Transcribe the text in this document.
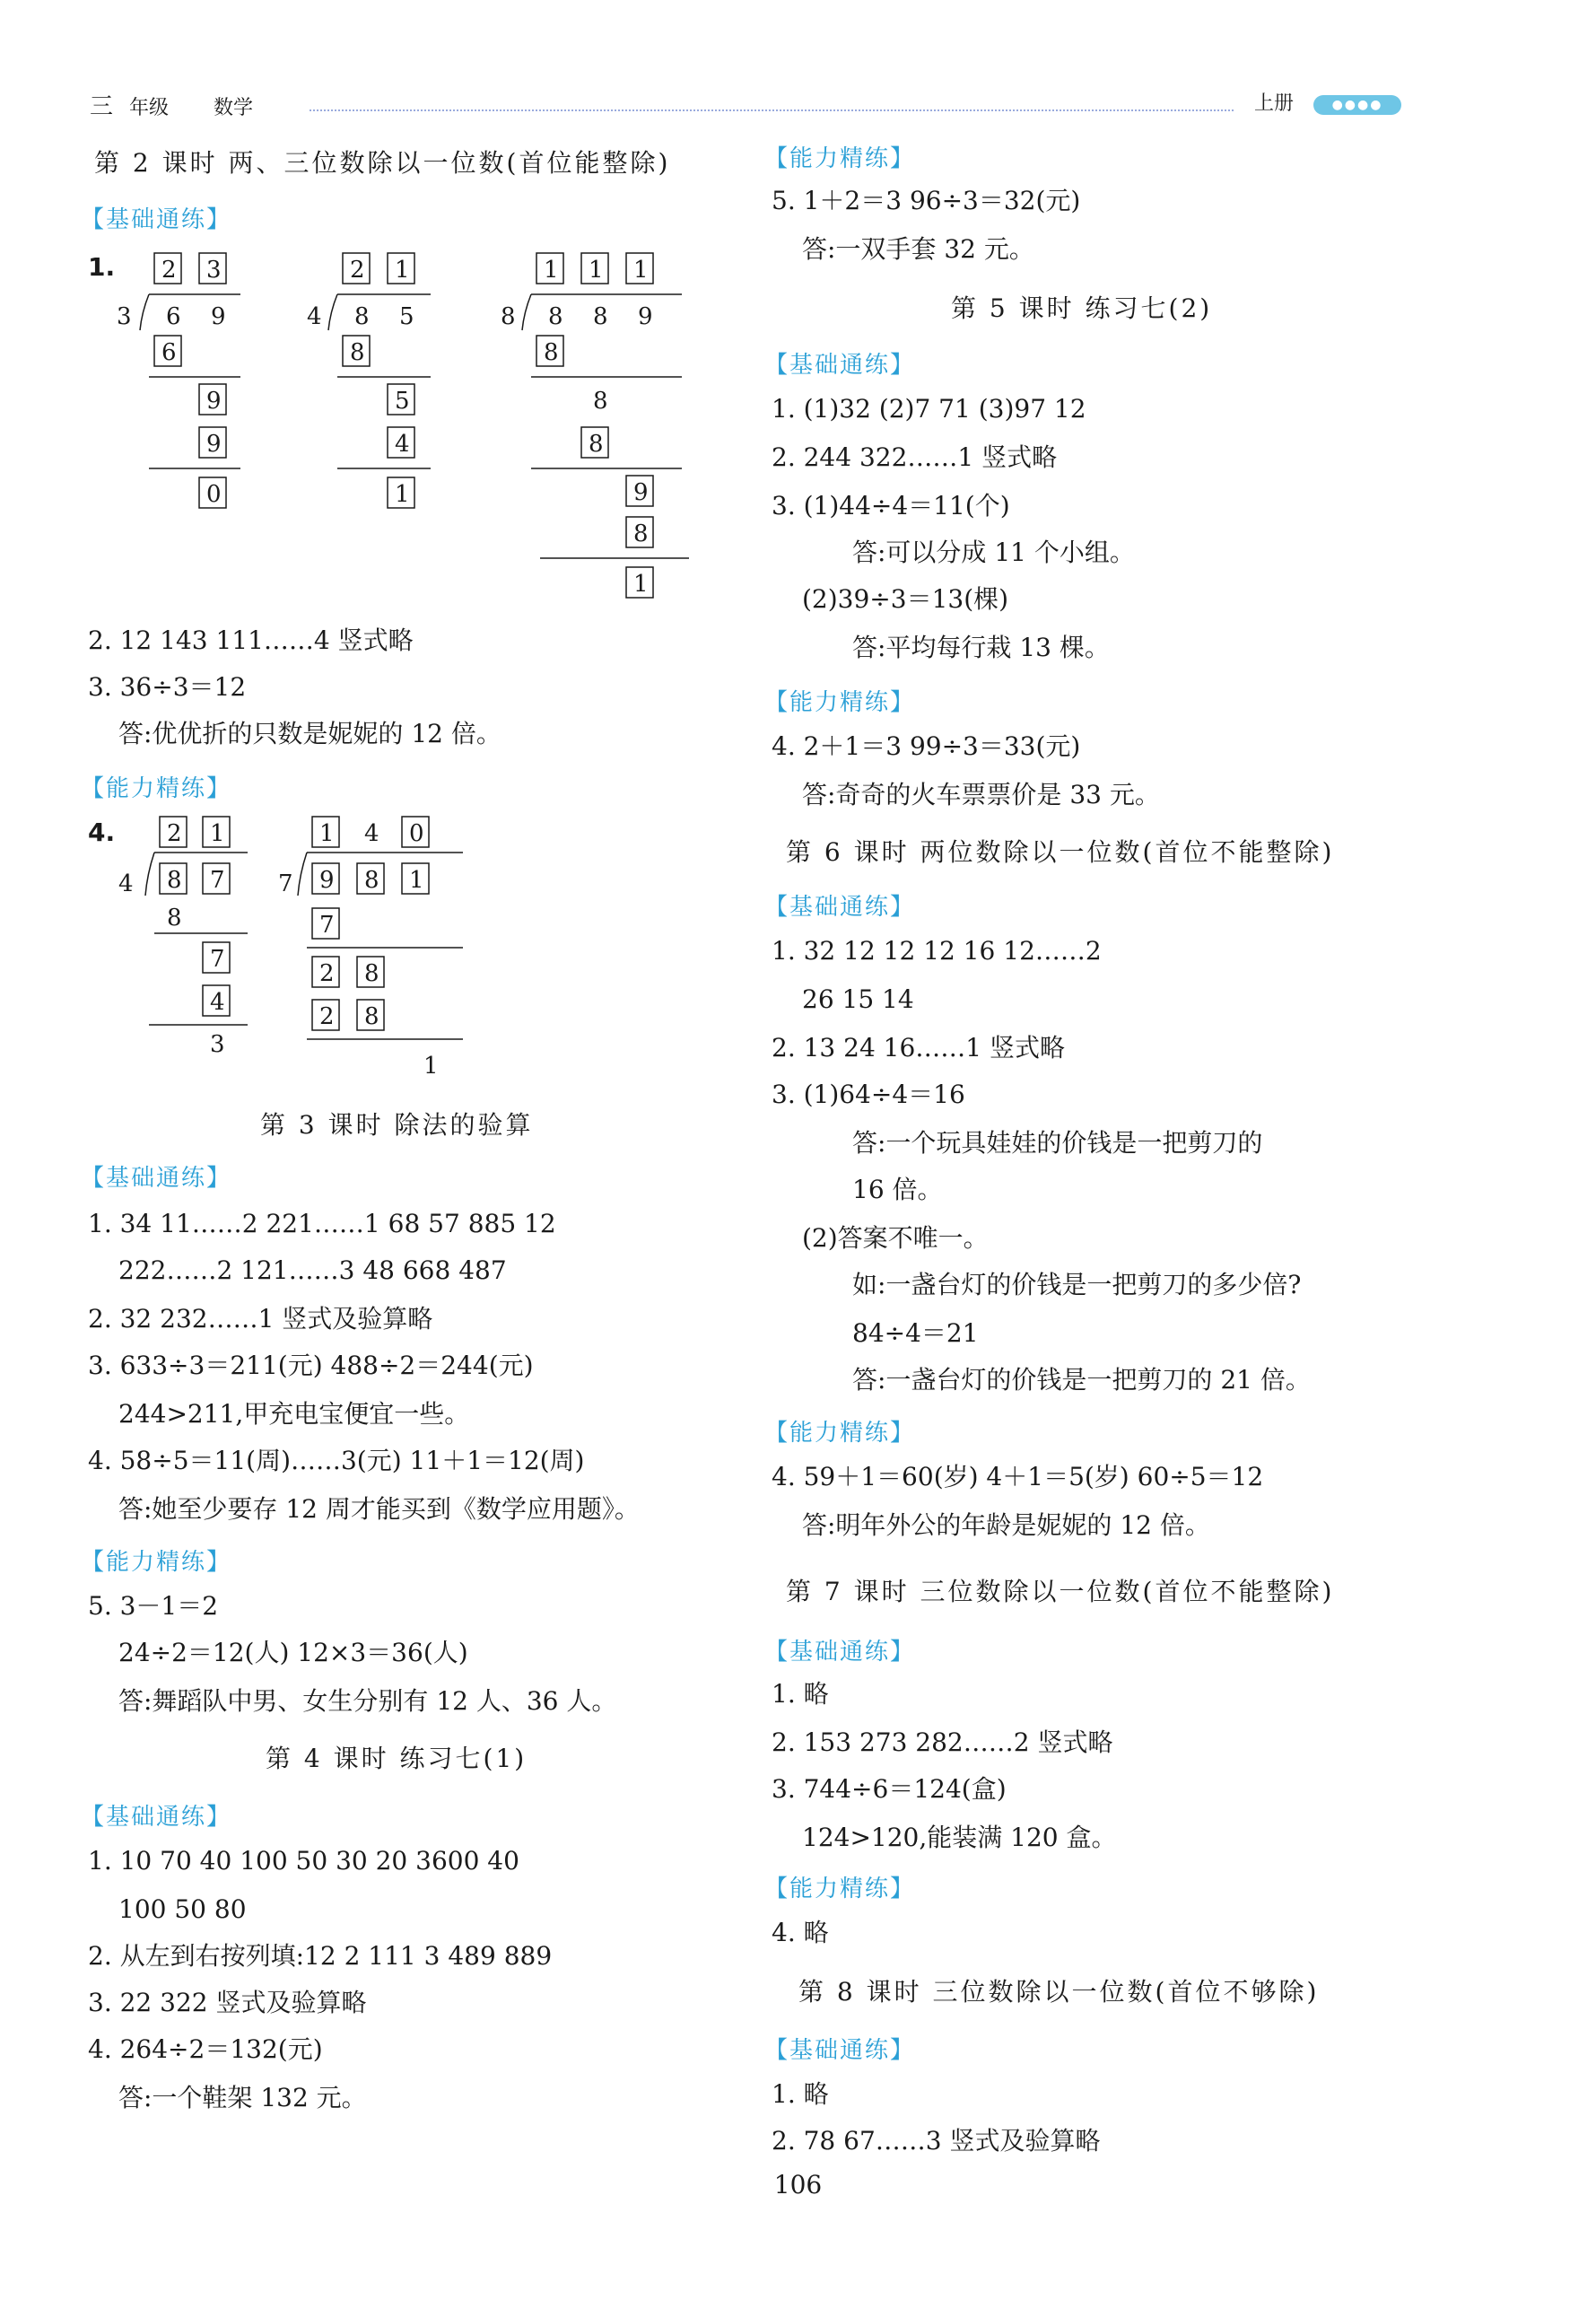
三 年级 数学	上册	●●●●
第 2 课时 两、三位数除以一位数(首位能整除)
【基础通练】
1. 2 3
3 6 9
6
9
9
0
2 1
4 8 5
8
5
4
1
1 1 1
8 8 8 9
8
8
8
9
8
1
2. 12 143 111……4 竖式略
3. 36÷3＝12
答:优优折的只数是妮妮的 12 倍。
【能力精练】
4. 2 1
4 8 7
8
7
4
3
1 4 0
7 9 8 1
7
2 8
2 8
1
第 3 课时 除法的验算
【基础通练】
1. 34 11……2 221……1 68 57 885 12
222……2 121……3 48 668 487
2. 32 232……1 竖式及验算略
3. 633÷3＝211(元) 488÷2＝244(元)
244>211,甲充电宝便宜一些。
4. 58÷5＝11(周)……3(元) 11＋1＝12(周)
答:她至少要存 12 周才能买到《数学应用题》。
【能力精练】
5. 3－1＝2
24÷2＝12(人) 12×3＝36(人)
答:舞蹈队中男、女生分别有 12 人、36 人。
第 4 课时 练习七(1)
【基础通练】
1. 10 70 40 100 50 30 20 3600 40
100 50 80
2. 从左到右按列填:12 2 111 3 489 889
3. 22 322 竖式及验算略
4. 264÷2＝132(元)
答:一个鞋架 132 元。
【能力精练】
5. 1＋2＝3 96÷3＝32(元)
答:一双手套 32 元。
第 5 课时 练习七(2)
【基础通练】
1. (1)32 (2)7 71 (3)97 12
2. 244 322……1 竖式略
3. (1)44÷4＝11(个)
答:可以分成 11 个小组。
(2)39÷3＝13(棵)
答:平均每行栽 13 棵。
【能力精练】
4. 2＋1＝3 99÷3＝33(元)
答:奇奇的火车票票价是 33 元。
第 6 课时 两位数除以一位数(首位不能整除)
【基础通练】
1. 32 12 12 12 16 12……2
26 15 14
2. 13 24 16……1 竖式略
3. (1)64÷4＝16
答:一个玩具娃娃的价钱是一把剪刀的
16 倍。
(2)答案不唯一。
如:一盏台灯的价钱是一把剪刀的多少倍?
84÷4＝21
答:一盏台灯的价钱是一把剪刀的 21 倍。
【能力精练】
4. 59＋1＝60(岁) 4＋1＝5(岁) 60÷5＝12
答:明年外公的年龄是妮妮的 12 倍。
第 7 课时 三位数除以一位数(首位不能整除)
【基础通练】
1. 略
2. 153 273 282……2 竖式略
3. 744÷6＝124(盒)
124>120,能装满 120 盒。
【能力精练】
4. 略
第 8 课时 三位数除以一位数(首位不够除)
【基础通练】
1. 略
2. 78 67……3 竖式及验算略
106
